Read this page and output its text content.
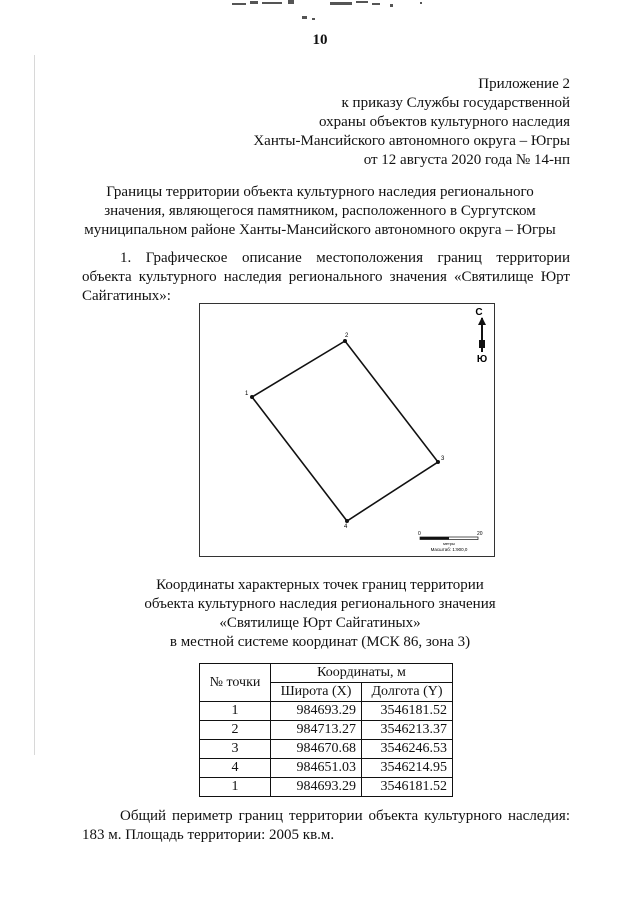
10
Приложение 2
к приказу Службы государственной
охраны объектов культурного наследия
Ханты-Мансийского автономного округа – Югры
от 12 августа 2020 года № 14-нп
Границы территории объекта культурного наследия регионального
значения, являющегося памятником, расположенного в Сургутском
муниципальном районе Ханты-Мансийского автономного округа – Югры
1. Графическое описание местоположения границ территории
объекта культурного наследия регионального значения «Святилище Юрт
Сайгатиных»:
1
2
3
4
С
Ю
0	20
метры
Масштаб: 1:900,0
Координаты характерных точек границ территории
объекта культурного наследия регионального значения
«Святилище Юрт Сайгатиных»
в местной системе координат (МСК 86, зона 3)
№ точки	Координаты, м	
	Широта (X)	Долгота (Y)
1	984693.29	3546181.52
2	984713.27	3546213.37
3	984670.68	3546246.53
4	984651.03	3546214.95
1	984693.29	3546181.52
Общий периметр границ территории объекта культурного наследия:
183 м. Площадь территории: 2005 кв.м.
